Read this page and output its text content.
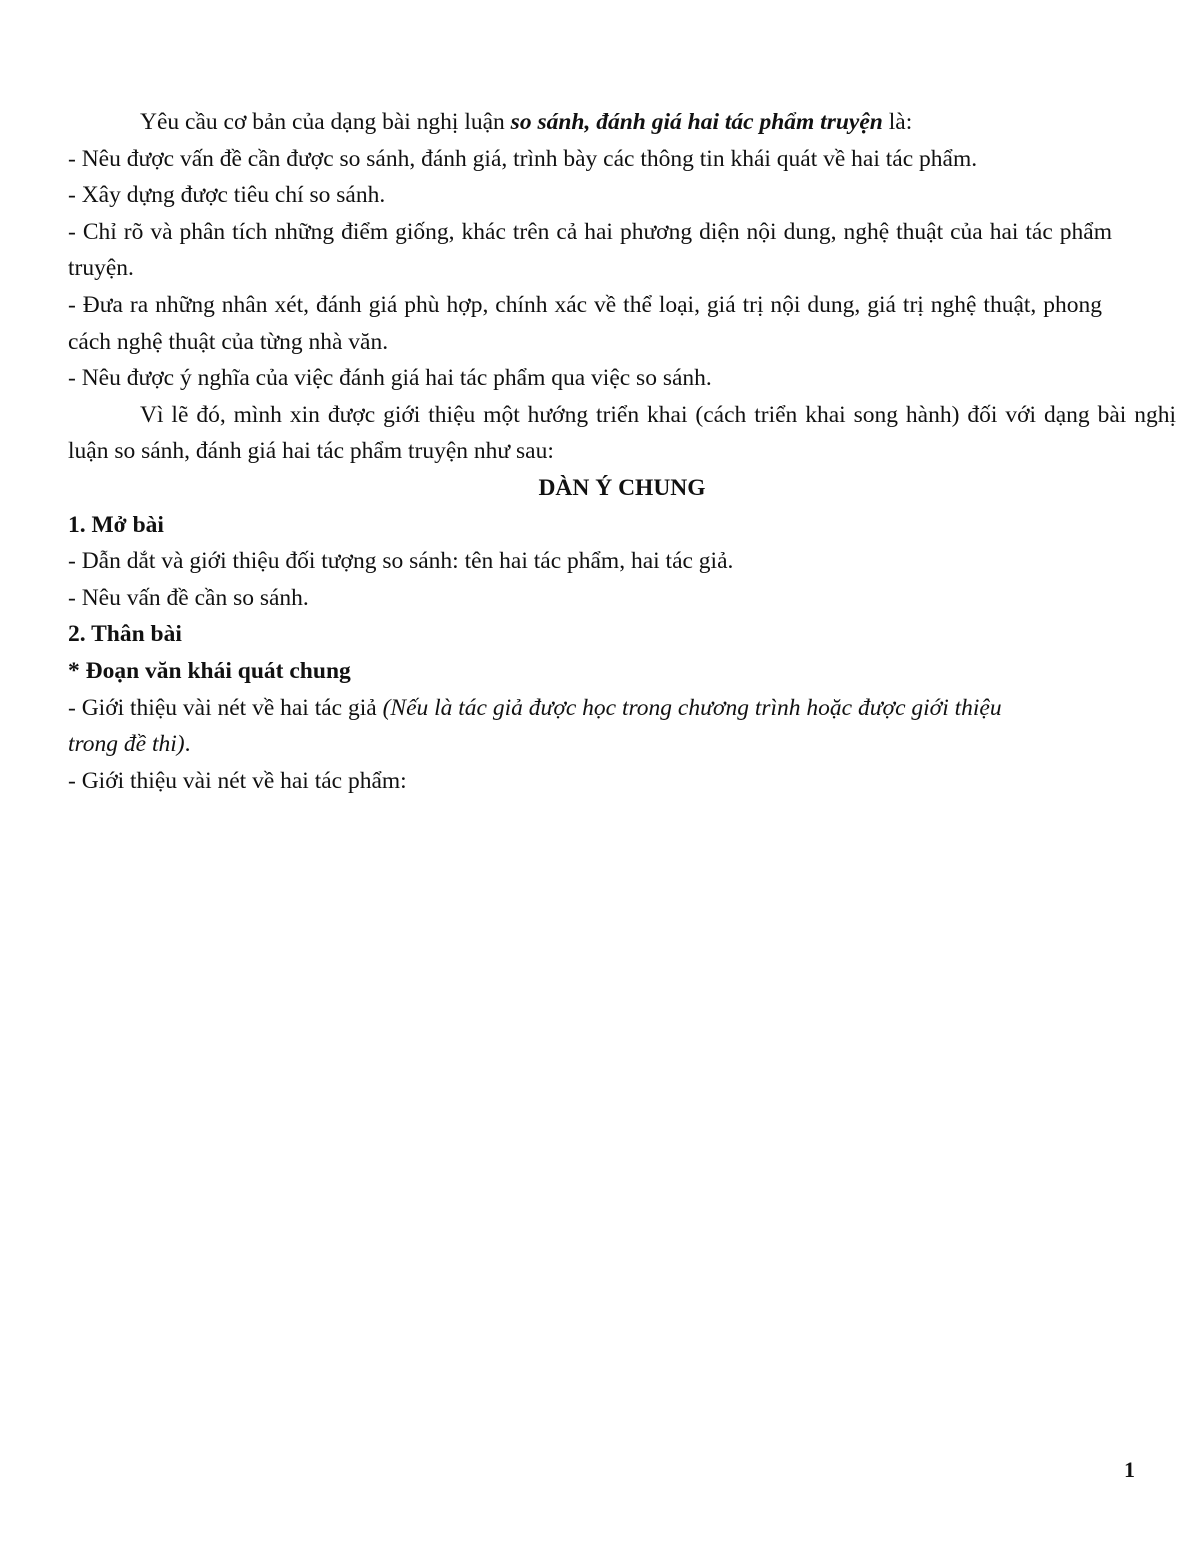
Yêu cầu cơ bản của dạng bài nghị luận so sánh, đánh giá hai tác phẩm truyện là:

- Nêu được vấn đề cần được so sánh, đánh giá, trình bày các thông tin khái quát về hai tác phẩm.

- Xây dựng được tiêu chí so sánh.

- Chỉ rõ và phân tích những điểm giống, khác trên cả hai phương diện nội dung, nghệ thuật của hai tác phẩm truyện.

- Đưa ra những nhân xét, đánh giá phù hợp, chính xác về thể loại, giá trị nội dung, giá trị nghệ thuật, phong cách nghệ thuật của từng nhà văn.

- Nêu được ý nghĩa của việc đánh giá hai tác phẩm qua việc so sánh.

Vì lẽ đó, mình xin được giới thiệu một hướng triển khai (cách triển khai song hành) đối với dạng bài nghị luận so sánh, đánh giá hai tác phẩm truyện như sau:

DÀN Ý CHUNG

1. Mở bài

- Dẫn dắt và giới thiệu đối tượng so sánh: tên hai tác phẩm, hai tác giả.

- Nêu vấn đề cần so sánh.

2. Thân bài

* Đoạn văn khái quát chung

- Giới thiệu vài nét về hai tác giả (Nếu là tác giả được học trong chương trình hoặc được giới thiệu trong đề thi).

- Giới thiệu vài nét về hai tác phẩm:

1
